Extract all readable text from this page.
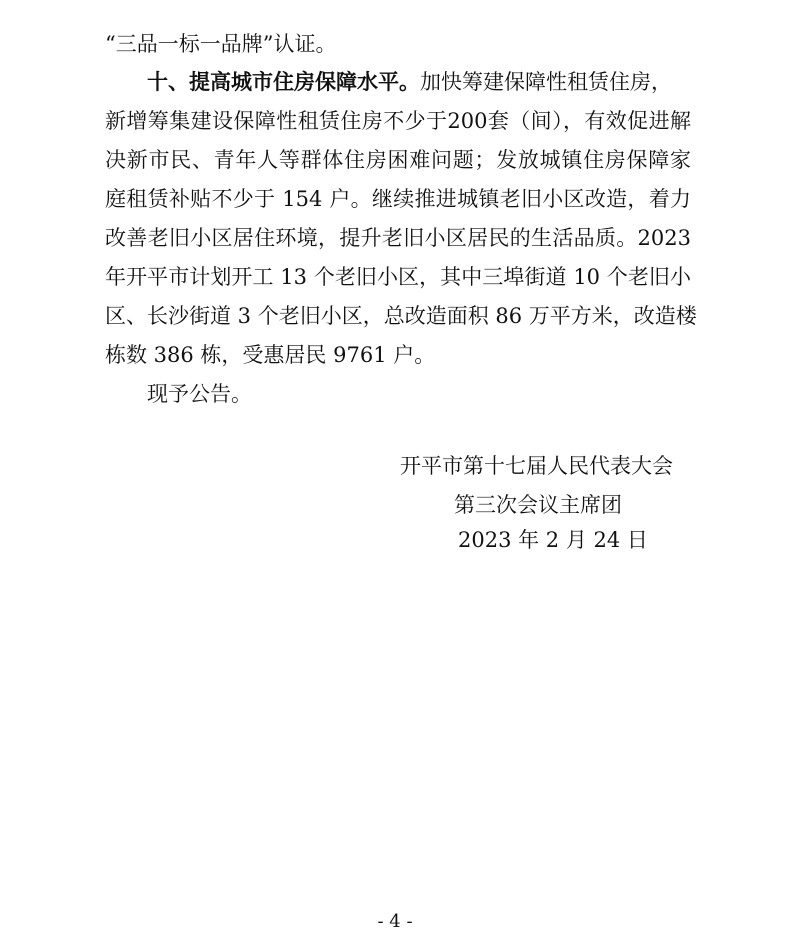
“三品一标一品牌”认证。
十、提高城市住房保障水平。加快筹建保障性租赁住房，
新增筹集建设保障性租赁住房不少于200套（间），有效促进解
决新市民、青年人等群体住房困难问题；发放城镇住房保障家
庭租赁补贴不少于 154 户。继续推进城镇老旧小区改造，着力
改善老旧小区居住环境，提升老旧小区居民的生活品质。2023
年开平市计划开工 13 个老旧小区，其中三埠街道 10 个老旧小
区、长沙街道 3 个老旧小区，总改造面积 86 万平方米，改造楼
栋数 386 栋，受惠居民 9761 户。
现予公告。
开平市第十七届人民代表大会
第三次会议主席团
2023 年 2 月 24 日
- 4 -
